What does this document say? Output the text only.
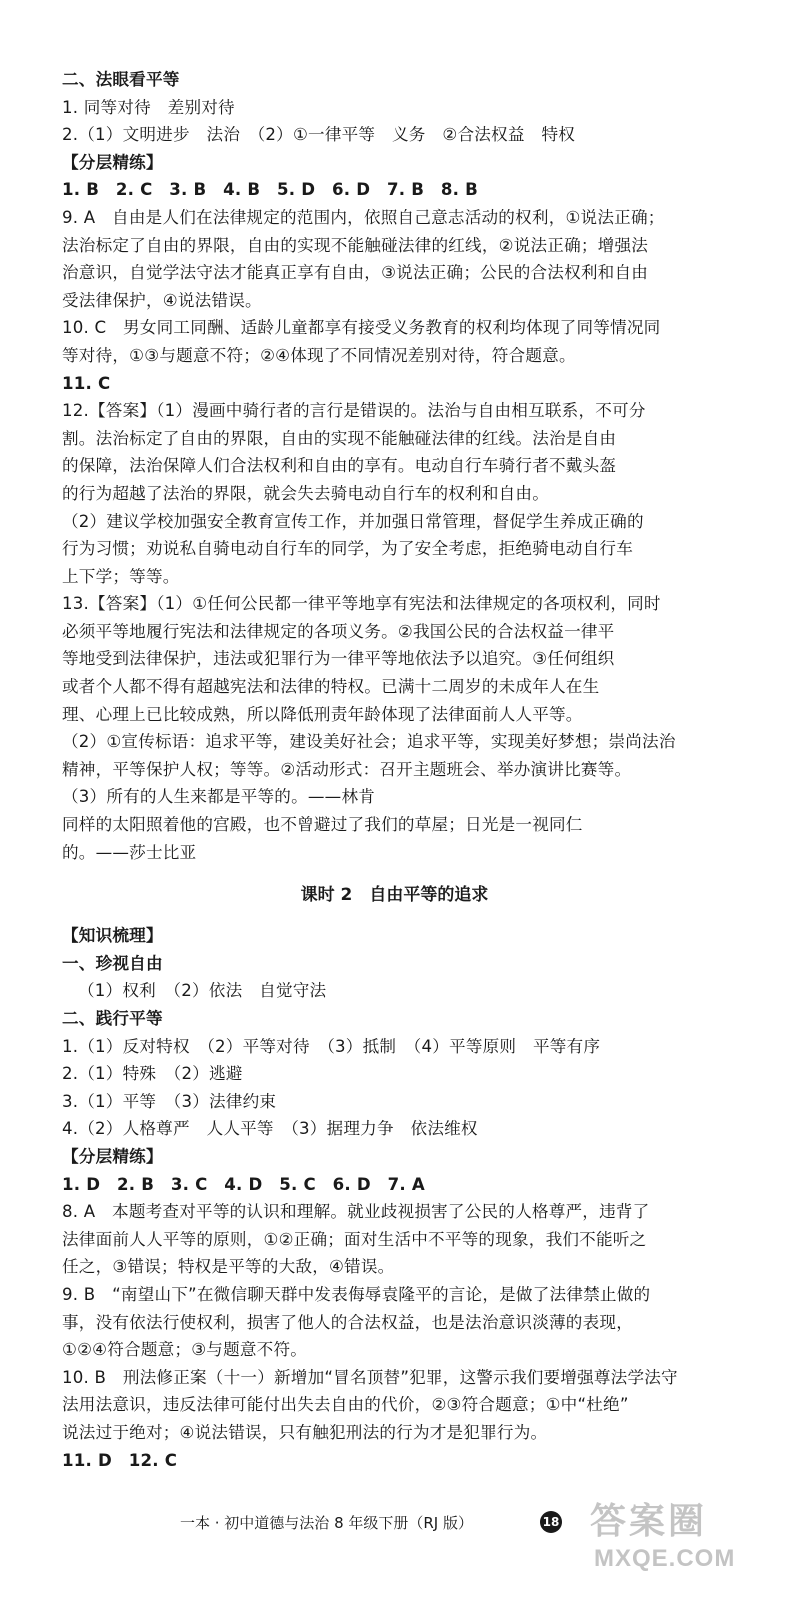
二、法眼看平等
1. 同等对待　差别对待
2.（1）文明进步　法治　（2）①一律平等　义务　②合法权益　特权
【分层精练】
1. B　2. C　3. B　4. B　5. D　6. D　7. B　8. B
9. A　自由是人们在法律规定的范围内，依照自己意志活动的权利，①说法正确；
法治标定了自由的界限，自由的实现不能触碰法律的红线，②说法正确；增强法
治意识，自觉学法守法才能真正享有自由，③说法正确；公民的合法权利和自由
受法律保护，④说法错误。
10. C　男女同工同酬、适龄儿童都享有接受义务教育的权利均体现了同等情况同
等对待，①③与题意不符；②④体现了不同情况差别对待，符合题意。
11. C
12.【答案】（1）漫画中骑行者的言行是错误的。法治与自由相互联系，不可分
割。法治标定了自由的界限，自由的实现不能触碰法律的红线。法治是自由
的保障，法治保障人们合法权利和自由的享有。电动自行车骑行者不戴头盔
的行为超越了法治的界限，就会失去骑电动自行车的权利和自由。
（2）建议学校加强安全教育宣传工作，并加强日常管理，督促学生养成正确的
行为习惯；劝说私自骑电动自行车的同学，为了安全考虑，拒绝骑电动自行车
上下学；等等。
13.【答案】（1）①任何公民都一律平等地享有宪法和法律规定的各项权利，同时
必须平等地履行宪法和法律规定的各项义务。②我国公民的合法权益一律平
等地受到法律保护，违法或犯罪行为一律平等地依法予以追究。③任何组织
或者个人都不得有超越宪法和法律的特权。已满十二周岁的未成年人在生
理、心理上已比较成熟，所以降低刑责年龄体现了法律面前人人平等。
（2）①宣传标语：追求平等，建设美好社会；追求平等，实现美好梦想；崇尚法治
精神，平等保护人权；等等。②活动形式：召开主题班会、举办演讲比赛等。
（3）所有的人生来都是平等的。——林肯
同样的太阳照着他的宫殿，也不曾避过了我们的草屋；日光是一视同仁
的。——莎士比亚
课时 2　自由平等的追求
【知识梳理】
一、珍视自由
（1）权利　（2）依法　自觉守法
二、践行平等
1.（1）反对特权　（2）平等对待　（3）抵制　（4）平等原则　平等有序
2.（1）特殊　（2）逃避
3.（1）平等　（3）法律约束
4.（2）人格尊严　人人平等　（3）据理力争　依法维权
【分层精练】
1. D　2. B　3. C　4. D　5. C　6. D　7. A
8. A　本题考查对平等的认识和理解。就业歧视损害了公民的人格尊严，违背了
法律面前人人平等的原则，①②正确；面对生活中不平等的现象，我们不能听之
任之，③错误；特权是平等的大敌，④错误。
9. B　“南望山下”在微信聊天群中发表侮辱袁隆平的言论，是做了法律禁止做的
事，没有依法行使权利，损害了他人的合法权益，也是法治意识淡薄的表现，
①②④符合题意；③与题意不符。
10. B　刑法修正案（十一）新增加“冒名顶替”犯罪，这警示我们要增强尊法学法守
法用法意识，违反法律可能付出失去自由的代价，②③符合题意；①中“杜绝”
说法过于绝对；④说法错误，只有触犯刑法的行为才是犯罪行为。
11. D　12. C
一本 · 初中道德与法治 8 年级下册（RJ 版）	18 答案圈
MXQE.COM
